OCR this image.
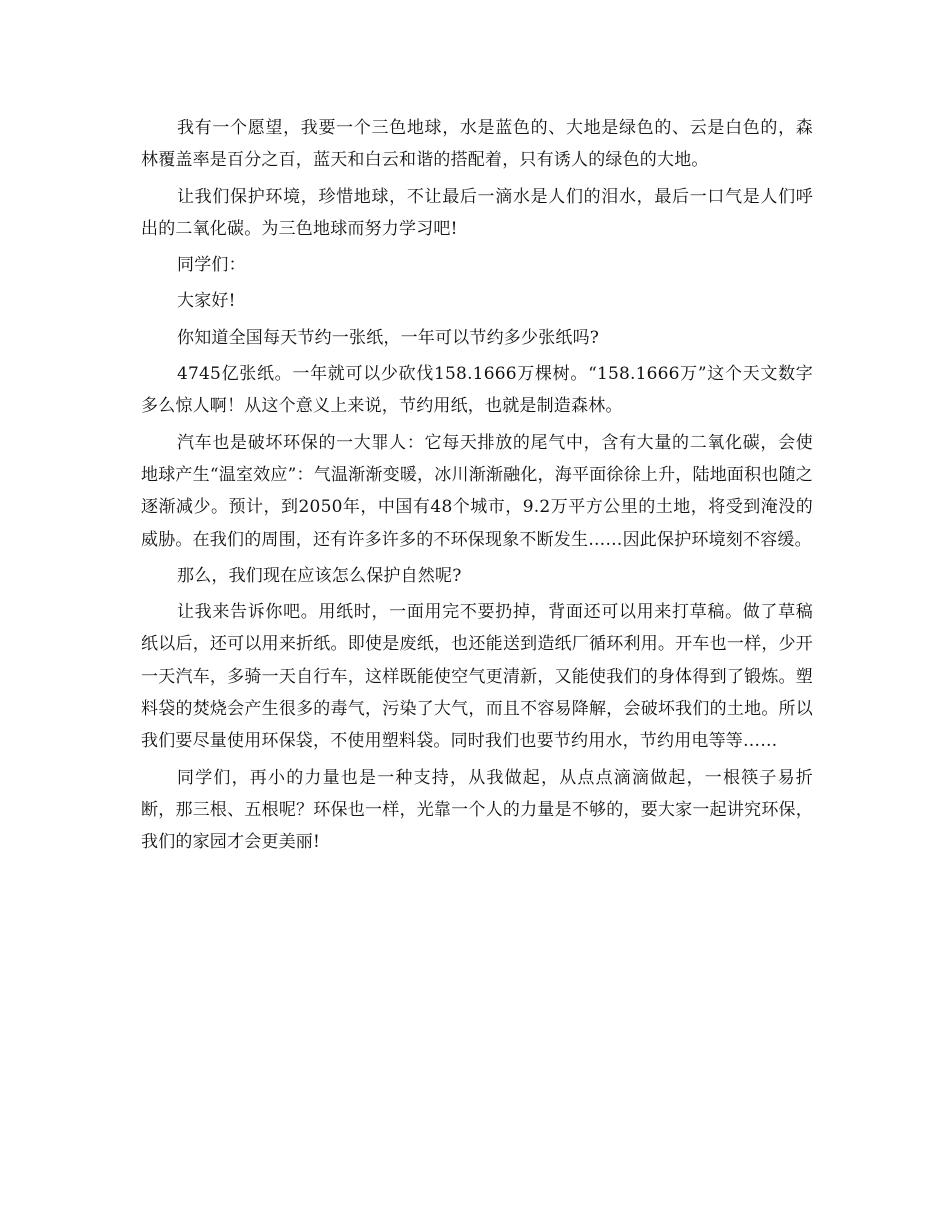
我有一个愿望，我要一个三色地球，水是蓝色的、大地是绿色的、云是白色的，森林覆盖率是百分之百，蓝天和白云和谐的搭配着，只有诱人的绿色的大地。

让我们保护环境，珍惜地球，不让最后一滴水是人们的泪水，最后一口气是人们呼出的二氧化碳。为三色地球而努力学习吧!

同学们：

大家好!

你知道全国每天节约一张纸，一年可以节约多少张纸吗?

4745亿张纸。一年就可以少砍伐158.1666万棵树。“158.1666万”这个天文数字多么惊人啊！从这个意义上来说，节约用纸，也就是制造森林。

汽车也是破坏环保的一大罪人：它每天排放的尾气中，含有大量的二氧化碳，会使地球产生“温室效应”：气温渐渐变暖，冰川渐渐融化，海平面徐徐上升，陆地面积也随之逐渐减少。预计，到2050年，中国有48个城市，9.2万平方公里的土地，将受到淹没的威胁。在我们的周围，还有许多许多的不环保现象不断发生……因此保护环境刻不容缓。

那么，我们现在应该怎么保护自然呢?

让我来告诉你吧。用纸时，一面用完不要扔掉，背面还可以用来打草稿。做了草稿纸以后，还可以用来折纸。即使是废纸，也还能送到造纸厂循环利用。开车也一样，少开一天汽车，多骑一天自行车，这样既能使空气更清新，又能使我们的身体得到了锻炼。塑料袋的焚烧会产生很多的毒气，污染了大气，而且不容易降解，会破坏我们的土地。所以我们要尽量使用环保袋，不使用塑料袋。同时我们也要节约用水，节约用电等等……

同学们，再小的力量也是一种支持，从我做起，从点点滴滴做起，一根筷子易折断，那三根、五根呢？环保也一样，光靠一个人的力量是不够的，要大家一起讲究环保，我们的家园才会更美丽!
